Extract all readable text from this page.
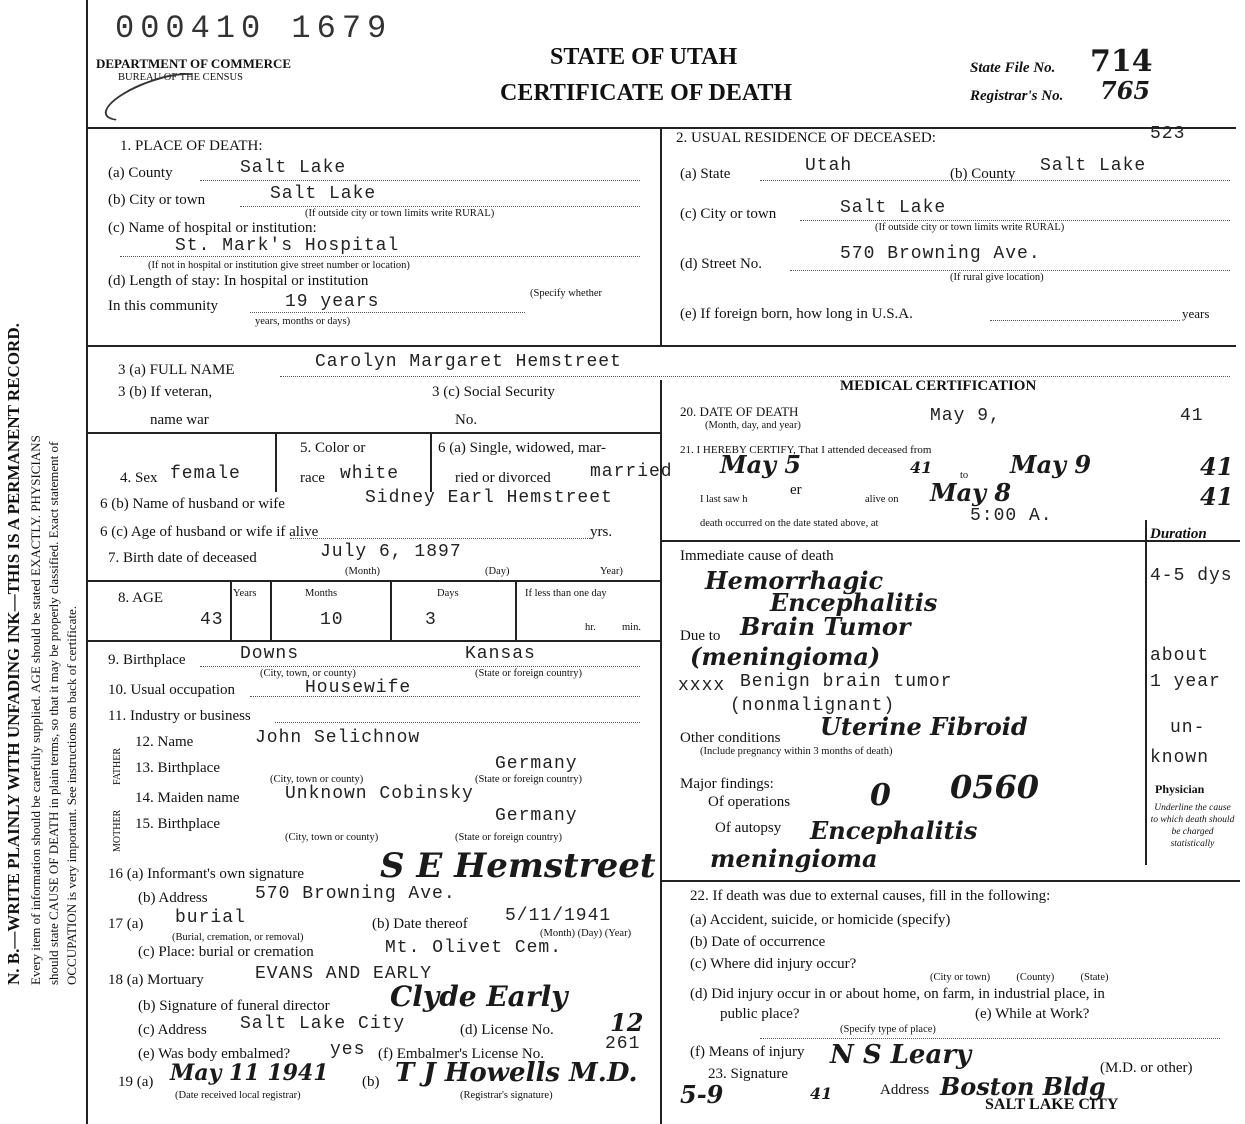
N. B.—WRITE PLAINLY WITH UNFADING INK—THIS IS A PERMANENT RECORD. Every item of information should be carefully supplied. AGE should be stated EXACTLY. PHYSICIANS should state CAUSE OF DEATH in plain terms, so that it may be properly classified. Exact statement of OCCUPATION is very important. See instructions on back of certificate.
000410 1679
DEPARTMENT OF COMMERCE
BUREAU OF THE CENSUS
STATE OF UTAH
CERTIFICATE OF DEATH
State File No. 714
Registrar's No. 765
1. PLACE OF DEATH:
(a) County	Salt Lake
(b) City or town	Salt Lake
(If outside city or town limits write RURAL)
(c) Name of hospital or institution:
St. Mark's Hospital
(If not in hospital or institution give street number or location)
(d) Length of stay: In hospital or institution
In this community	19 years	(Specify whether
years, months or days)
2. USUAL RESIDENCE OF DECEASED:	523
(a) State	Utah	(b) County Salt Lake
(c) City or town	Salt Lake
(If outside city or town limits write RURAL)
(d) Street No.	570 Browning Ave.
(If rural give location)
(e) If foreign born, how long in U.S.A.	years
3 (a) FULL NAME	Carolyn Margaret Hemstreet
3 (b) If veteran,
name war
3 (c) Social Security
No.
MEDICAL CERTIFICATION
20. DATE OF DEATH
(Month, day, and year)	May 9,	41
4. Sex female
5. Color or
race white
6 (a) Single, widowed, mar-
ried or divorced married
21. I HEREBY CERTIFY, That I attended deceased from
May 5	41	to May 9	41
I last saw h
er
alive on May 8	41
death occurred on the date stated above, at	5:00 A.
6 (b) Name of husband or wife	Sidney Earl Hemstreet
6 (c) Age of husband or wife if alive	yrs.
7. Birth date of deceased	July 6, 1897
(Month)	(Day)	Year)
8. AGE	Years	Months	Days	If less than one day
43	10	3	hr. min.
Immediate cause of death
Duration
Hemorrhagic
Encephalitis
4-5 dys
Due to Brain Tumor
(meningioma)	about
xxxx Benign brain tumor	1 year
(nonmalignant)
Other conditions
(Include pregnancy within 3 months of death)
Uterine Fibroid	un-
known
Major findings:
Of operations	0 0560
Of autopsy Encephalitis
meningioma
Physician
Underline the cause to which death should be charged statistically
22. If death was due to external causes, fill in the following:
(a) Accident, suicide, or homicide (specify)
(b) Date of occurrence
(c) Where did injury occur?
(City or town)          (County)          (State)
(d) Did injury occur in or about home, on farm, in industrial place, in
public place?
(Specify type of place)
(e) While at Work?
(f) Means of injury
23. Signature
N S Leary	(M.D. or other)
5-9	41	Address Boston Bldg
SALT LAKE CITY
9. Birthplace	Downs	Kansas
(City, town, or county)	(State or foreign country)
10. Usual occupation	Housewife
11. Industry or business
FATHER
MOTHER
12. Name	John Selichnow
13. Birthplace	Germany
(City, town or county)	(State or foreign country)
14. Maiden name	Unknown Cobinsky
15. Birthplace	Germany
(City, town or county)	(State or foreign country)
16 (a) Informant's own signature S E Hemstreet
(b) Address	570 Browning Ave.
17 (a) burial
(Burial, cremation, or removal)
(b) Date thereof 5/11/1941
(Month) (Day) (Year)
(c) Place: burial or cremation	Mt. Olivet Cem.
18 (a) Mortuary	EVANS AND EARLY
(b) Signature of funeral director Clyde Early
(c) Address Salt Lake City	(d) License No. 12
(e) Was body embalmed? yes (f) Embalmer's License No.	261
19 (a) May 11 1941 (b) T J Howells M.D.
(Date received local registrar)	(Registrar's signature)
